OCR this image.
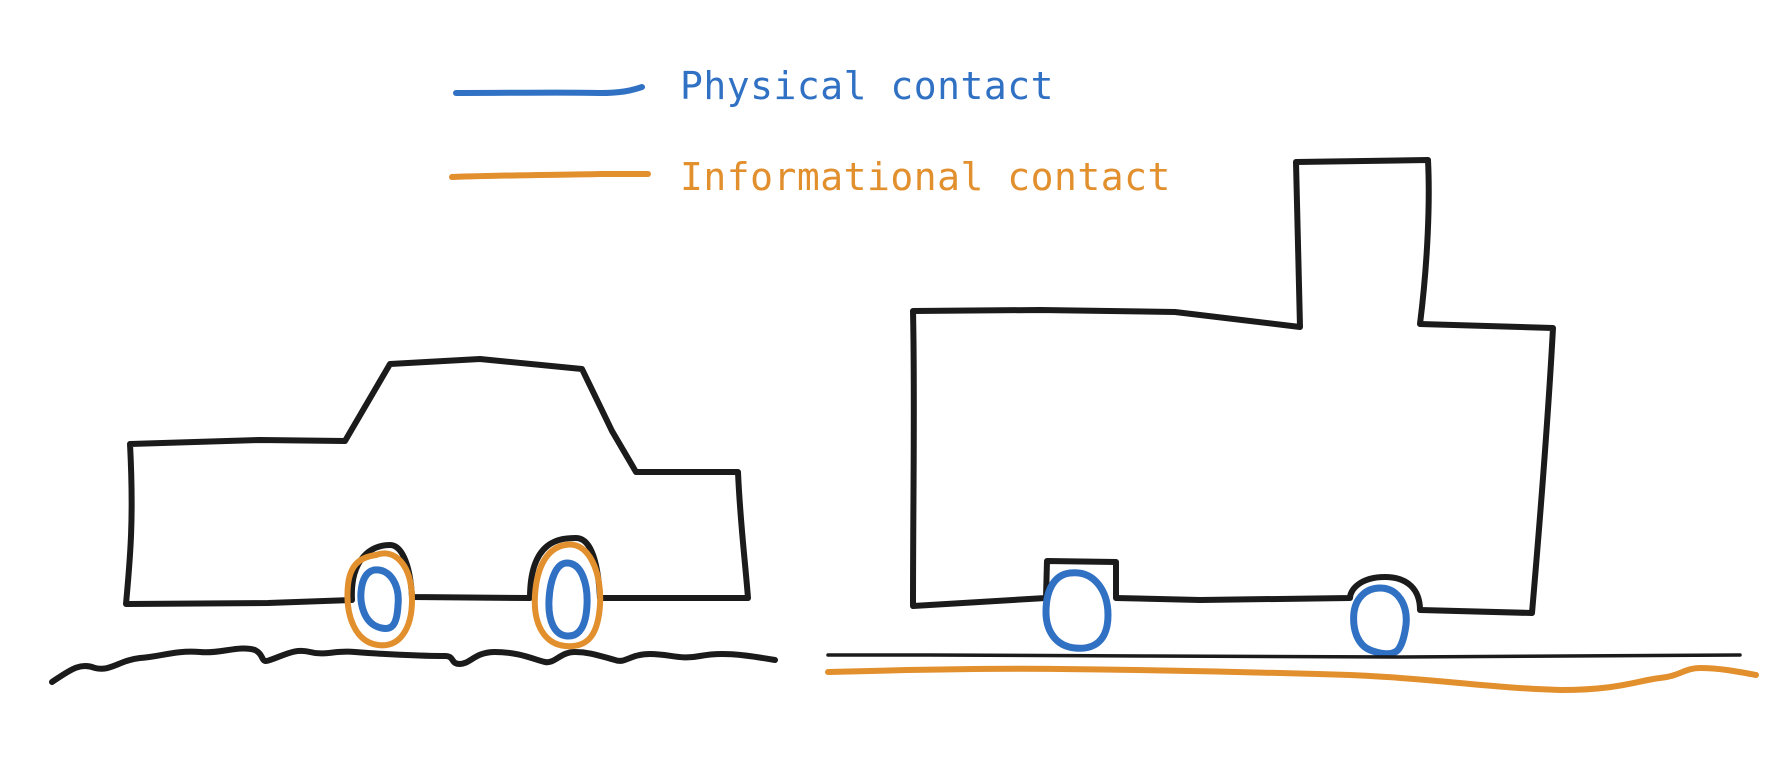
Physical contact
Informational contact
